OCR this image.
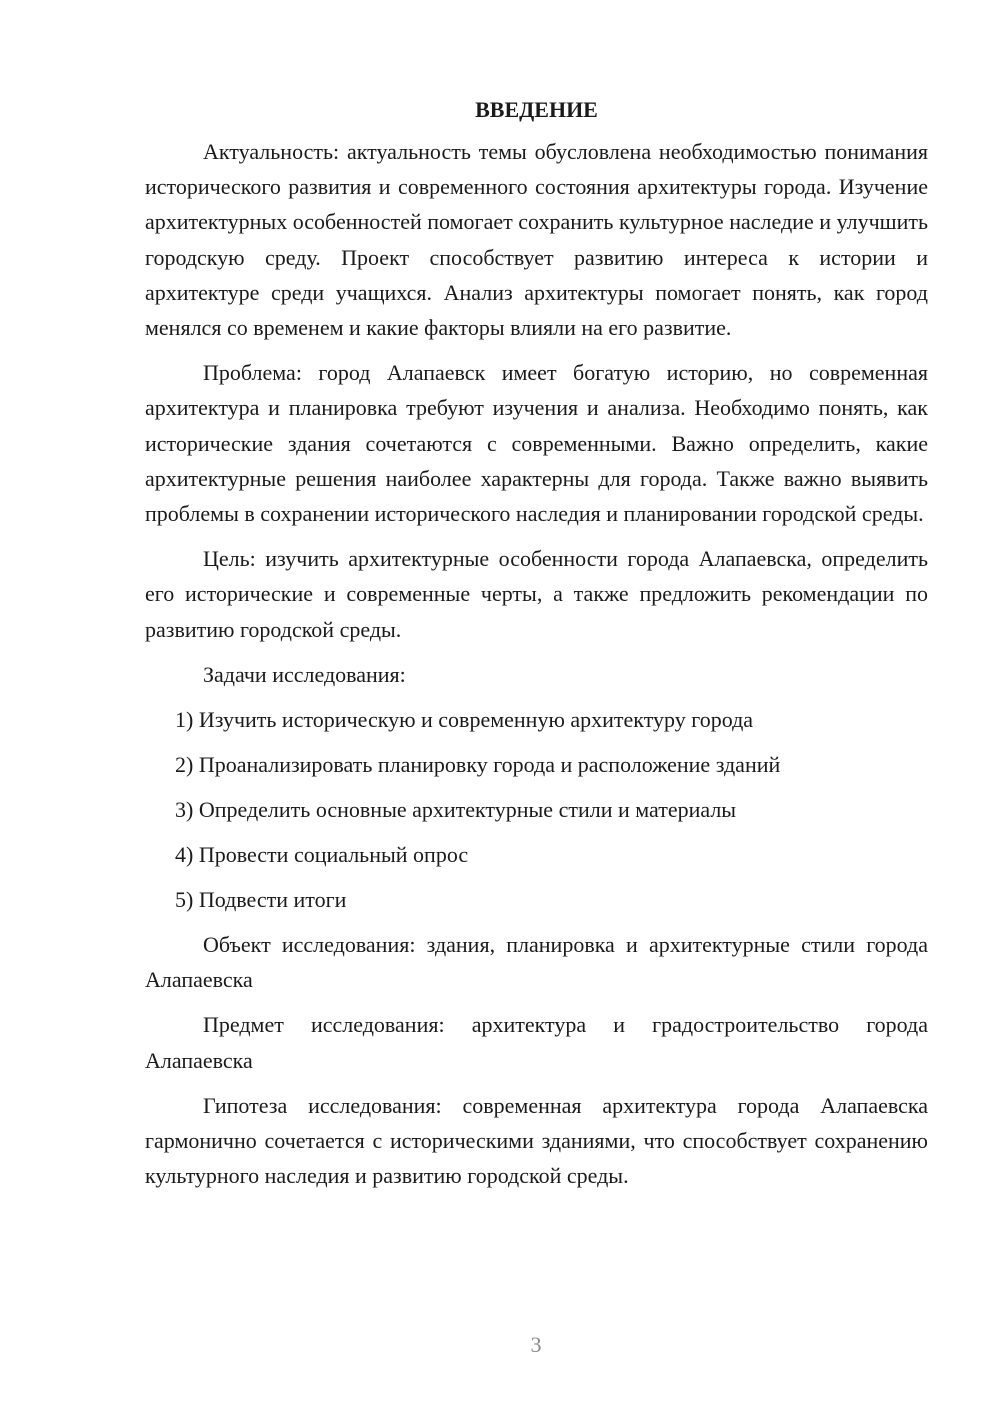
ВВЕДЕНИЕ

Актуальность: актуальность темы обусловлена необходимостью понимания исторического развития и современного состояния архитектуры города. Изучение архитектурных особенностей помогает сохранить культурное наследие и улучшить городскую среду. Проект способствует развитию интереса к истории и архитектуре среди учащихся. Анализ архитектуры помогает понять, как город менялся со временем и какие факторы влияли на его развитие.

Проблема: город Алапаевск имеет богатую историю, но современная архитектура и планировка требуют изучения и анализа. Необходимо понять, как исторические здания сочетаются с современными. Важно определить, какие архитектурные решения наиболее характерны для города. Также важно выявить проблемы в сохранении исторического наследия и планировании городской среды.

Цель: изучить архитектурные особенности города Алапаевска, определить его исторические и современные черты, а также предложить рекомендации по развитию городской среды.

Задачи исследования:

1) Изучить историческую и современную архитектуру города
2) Проанализировать планировку города и расположение зданий
3) Определить основные архитектурные стили и материалы
4) Провести социальный опрос
5) Подвести итоги

Объект исследования: здания, планировка и архитектурные стили города Алапаевска

Предмет исследования: архитектура и градостроительство города Алапаевска

Гипотеза исследования: современная архитектура города Алапаевска гармонично сочетается с историческими зданиями, что способствует сохранению культурного наследия и развитию городской среды.

3
